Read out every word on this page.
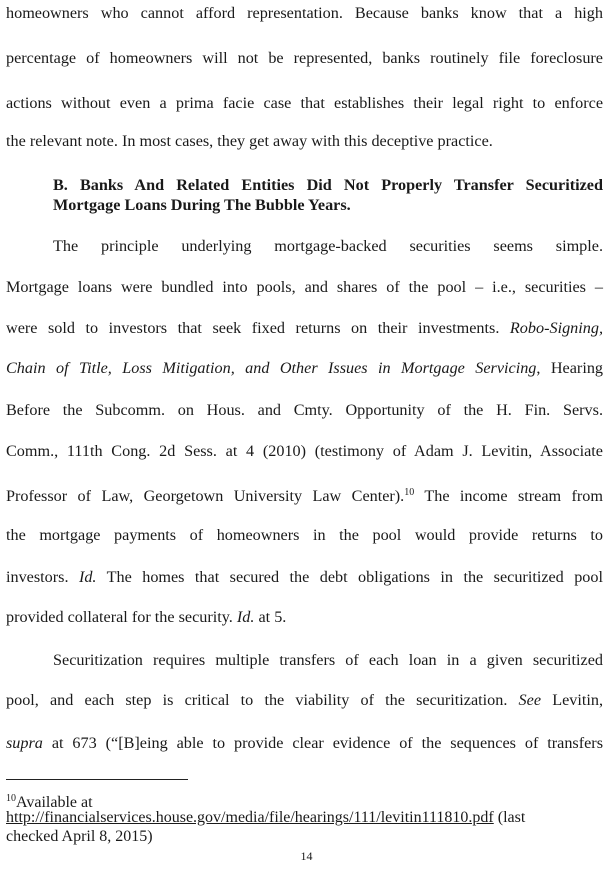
homeowners who cannot afford representation. Because banks know that a high
percentage of homeowners will not be represented, banks routinely file foreclosure
actions without even a prima facie case that establishes their legal right to enforce
the relevant note. In most cases, they get away with this deceptive practice.
B. Banks And Related Entities Did Not Properly Transfer Securitized
Mortgage Loans During The Bubble Years.
The principle underlying mortgage-backed securities seems simple.
Mortgage loans were bundled into pools, and shares of the pool – i.e., securities –
were sold to investors that seek fixed returns on their investments. Robo-Signing,
Chain of Title, Loss Mitigation, and Other Issues in Mortgage Servicing, Hearing
Before the Subcomm. on Hous. and Cmty. Opportunity of the H. Fin. Servs.
Comm., 111th Cong. 2d Sess. at 4 (2010) (testimony of Adam J. Levitin, Associate
Professor of Law, Georgetown University Law Center).$^{10}$ The income stream from
the mortgage payments of homeowners in the pool would provide returns to
investors. Id. The homes that secured the debt obligations in the securitized pool
provided collateral for the security. Id. at 5.
Securitization requires multiple transfers of each loan in a given securitized
pool, and each step is critical to the viability of the securitization. See Levitin,
supra at 673 (“[B]eing able to provide clear evidence of the sequences of transfers
$^{10}$Available at
http://financialservices.house.gov/media/file/hearings/111/levitin111810.pdf (last
checked April 8, 2015)
14
